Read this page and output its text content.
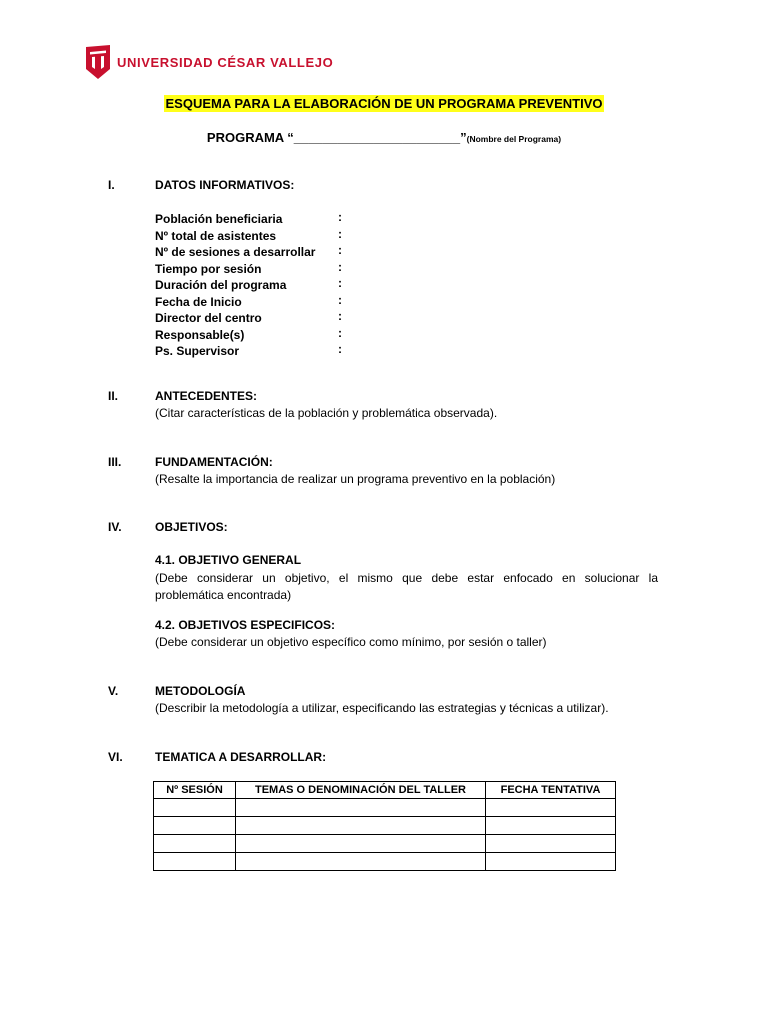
UNIVERSIDAD CÉSAR VALLEJO
ESQUEMA PARA LA ELABORACIÓN DE UN PROGRAMA PREVENTIVO
PROGRAMA “_______________________”(Nombre del Programa)
I.	DATOS INFORMATIVOS:
Población beneficiaria	:
Nº total de asistentes	:
Nº de sesiones a desarrollar :
Tiempo por sesión	:
Duración del programa	:
Fecha de Inicio	:
Director del centro	:
Responsable(s)	:
Ps. Supervisor	:
II.	ANTECEDENTES:
(Citar características de la población y problemática observada).
III.	FUNDAMENTACIÓN:
(Resalte la importancia de realizar un programa preventivo en la población)
IV.	OBJETIVOS:
4.1. OBJETIVO GENERAL
(Debe considerar un objetivo, el mismo que debe estar enfocado en solucionar la problemática encontrada)
4.2. OBJETIVOS ESPECIFICOS:
(Debe considerar un objetivo específico como mínimo, por sesión o taller)
V.	METODOLOGÍA
(Describir la metodología a utilizar, especificando las estrategias y técnicas a utilizar).
VI.	TEMATICA A DESARROLLAR:
Nº SESIÓN	TEMAS O DENOMINACIÓN DEL TALLER	FECHA TENTATIVA
